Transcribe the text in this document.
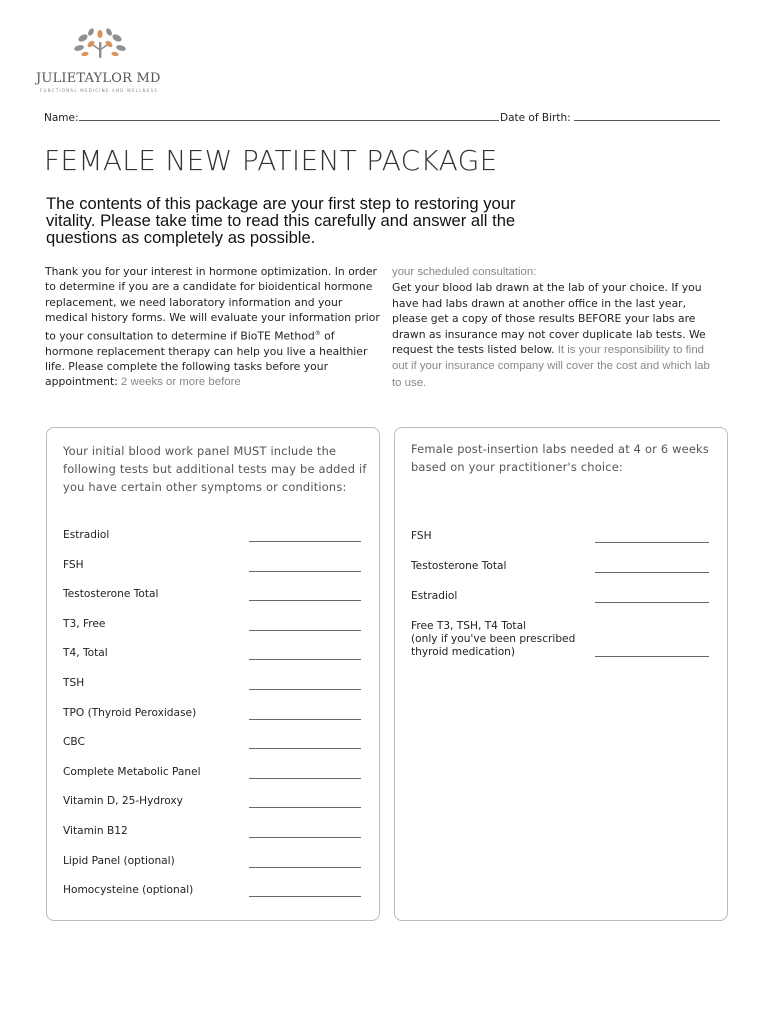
JULIETAYLOR MD
FUNCTIONAL MEDICINE AND WELLNESS
Name:	Date of Birth:
FEMALE NEW PATIENT PACKAGE
The contents of this package are your first step to restoring your vitality. Please take time to read this carefully and answer all the questions as completely as possible.
Thank you for your interest in hormone optimization. In order to determine if you are a candidate for bioidentical hormone replacement, we need laboratory information and your medical history forms. We will evaluate your information prior to your consultation to determine if BioTE Method® of hormone replacement therapy can help you live a healthier life. Please complete the following tasks before your appointment: 2 weeks or more before
your scheduled consultation:
Get your blood lab drawn at the lab of your choice. If you have had labs drawn at another office in the last year, please get a copy of those results BEFORE your labs are drawn as insurance may not cover duplicate lab tests. We request the tests listed below. It is your responsibility to find out if your insurance company will cover the cost and which lab to use.
Your initial blood work panel MUST include the following tests but additional tests may be added if you have certain other symptoms or conditions:
Estradiol
FSH
Testosterone Total
T3, Free
T4, Total
TSH
TPO (Thyroid Peroxidase)
CBC
Complete Metabolic Panel
Vitamin D, 25-Hydroxy
Vitamin B12
Lipid Panel (optional)
Homocysteine (optional)
Female post-insertion labs needed at 4 or 6 weeks based on your practitioner's choice:
FSH
Testosterone Total
Estradiol
Free T3, TSH, T4 Total
(only if you've been prescribed
thyroid medication)
